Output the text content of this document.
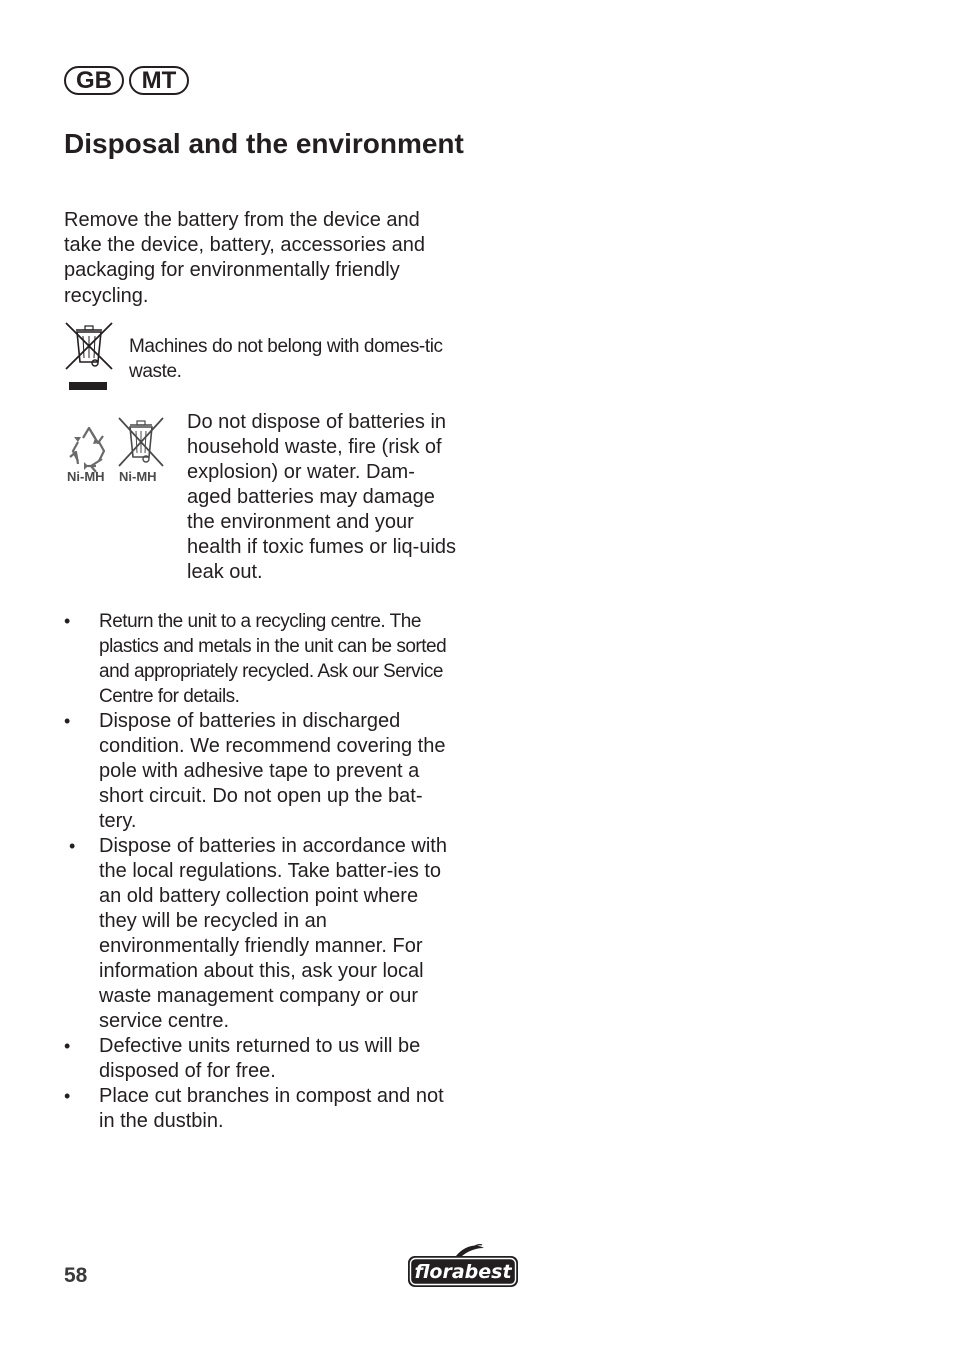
GB	MT
Disposal and the environment

Remove the battery from the device and take the device, battery, accessories and packaging for environmentally friendly recycling.

Machines do not belong with domes-tic waste.

Ni-MH Ni-MH

Do not dispose of batteries in household waste, fire (risk of explosion) or water. Dam-aged batteries may damage the environment and your health if toxic fumes or liq-uids leak out.

• Return the unit to a recycling centre. The plastics and metals in the unit can be sorted and appropriately recycled. Ask our Service Centre for details.
• Dispose of batteries in discharged condition. We recommend covering the pole with adhesive tape to prevent a short circuit. Do not open up the bat-tery.
• Dispose of batteries in accordance with the local regulations. Take batter-ies to an old battery collection point where they will be recycled in an environmentally friendly manner. For information about this, ask your local waste management company or our service centre.
• Defective units returned to us will be disposed of for free.
• Place cut branches in compost and not in the dustbin.

58	florabest
